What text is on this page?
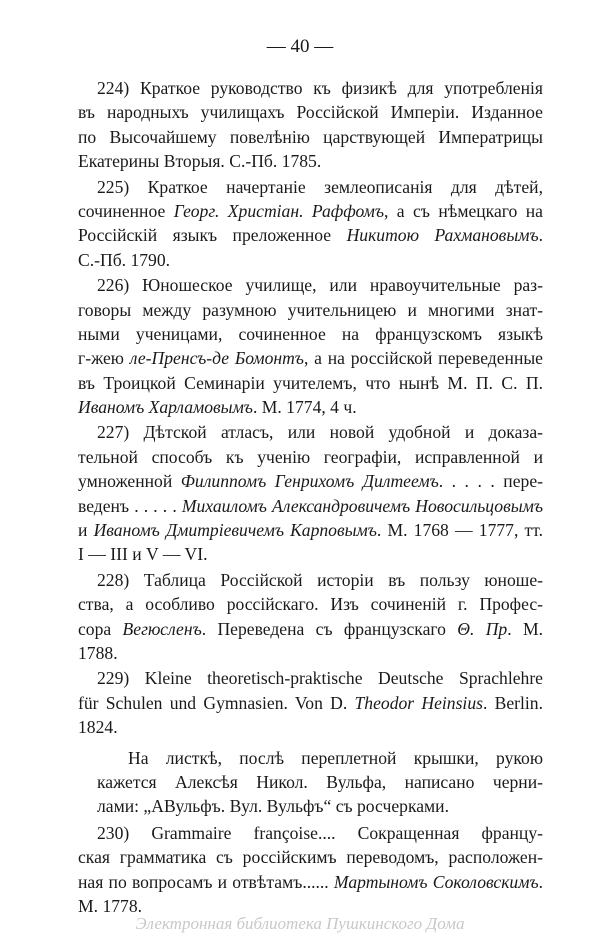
— 40 —
224) Краткое руководство къ физикѣ для употребленія
въ народныхъ училищахъ Россійской Имперіи. Изданное
по Высочайшему повелѣнію царствующей Императрицы
Екатерины Вторыя. С.-Пб. 1785.
225) Краткое начертаніе землеописанія для дѣтей,
сочиненное Георг. Христіан. Раффомъ, а съ нѣмецкаго на
Россійскій языкъ преложенное Никитою Рахмановымъ.
С.-Пб. 1790.
226) Юношеское училище, или нравоучительные раз-
говоры между разумною учительницею и многими знат-
ными ученицами, сочиненное на французскомъ языкѣ
г-жею ле-Пренсъ-де Бомонтъ, а на россійской переведенные
въ Троицкой Семинаріи учителемъ, что нынѣ М. П. С. П.
Иваномъ Харламовымъ. М. 1774, 4 ч.
227) Дѣтской атласъ, или новой удобной и доказа-
тельной способъ къ ученію географіи, исправленной и
умноженной Филиппомъ Генрихомъ Дилтеемъ. . . . . пере-
веденъ . . . . . Михаиломъ Александровичемъ Новосильцовымъ
и Иваномъ Дмитріевичемъ Карповымъ. М. 1768 — 1777, тт.
I — III и V — VI.
228) Таблица Россійской исторіи въ пользу юноше-
ства, а особливо россійскаго. Изъ сочиненій г. Профес-
сора Вегюсленъ. Переведена съ французскаго Θ. Пр. М.
1788.
229) Kleine theoretisch-praktische Deutsche Sprachlehre
für Schulen und Gymnasien. Von D. Theodor Heinsius. Berlin.
1824.
На листкѣ, послѣ переплетной крышки, рукою
кажется Алексѣя Никол. Вульфа, написано черни-
лами: „АВульфъ. Вул. Вульфъ“ съ росчерками.
230) Grammaire françoise.... Сокращенная францу-
ская грамматика съ россійскимъ переводомъ, расположен-
ная по вопросамъ и отвѣтамъ...... Мартыномъ Соколовскимъ.
М. 1778.
Электронная библиотека Пушкинского Дома
